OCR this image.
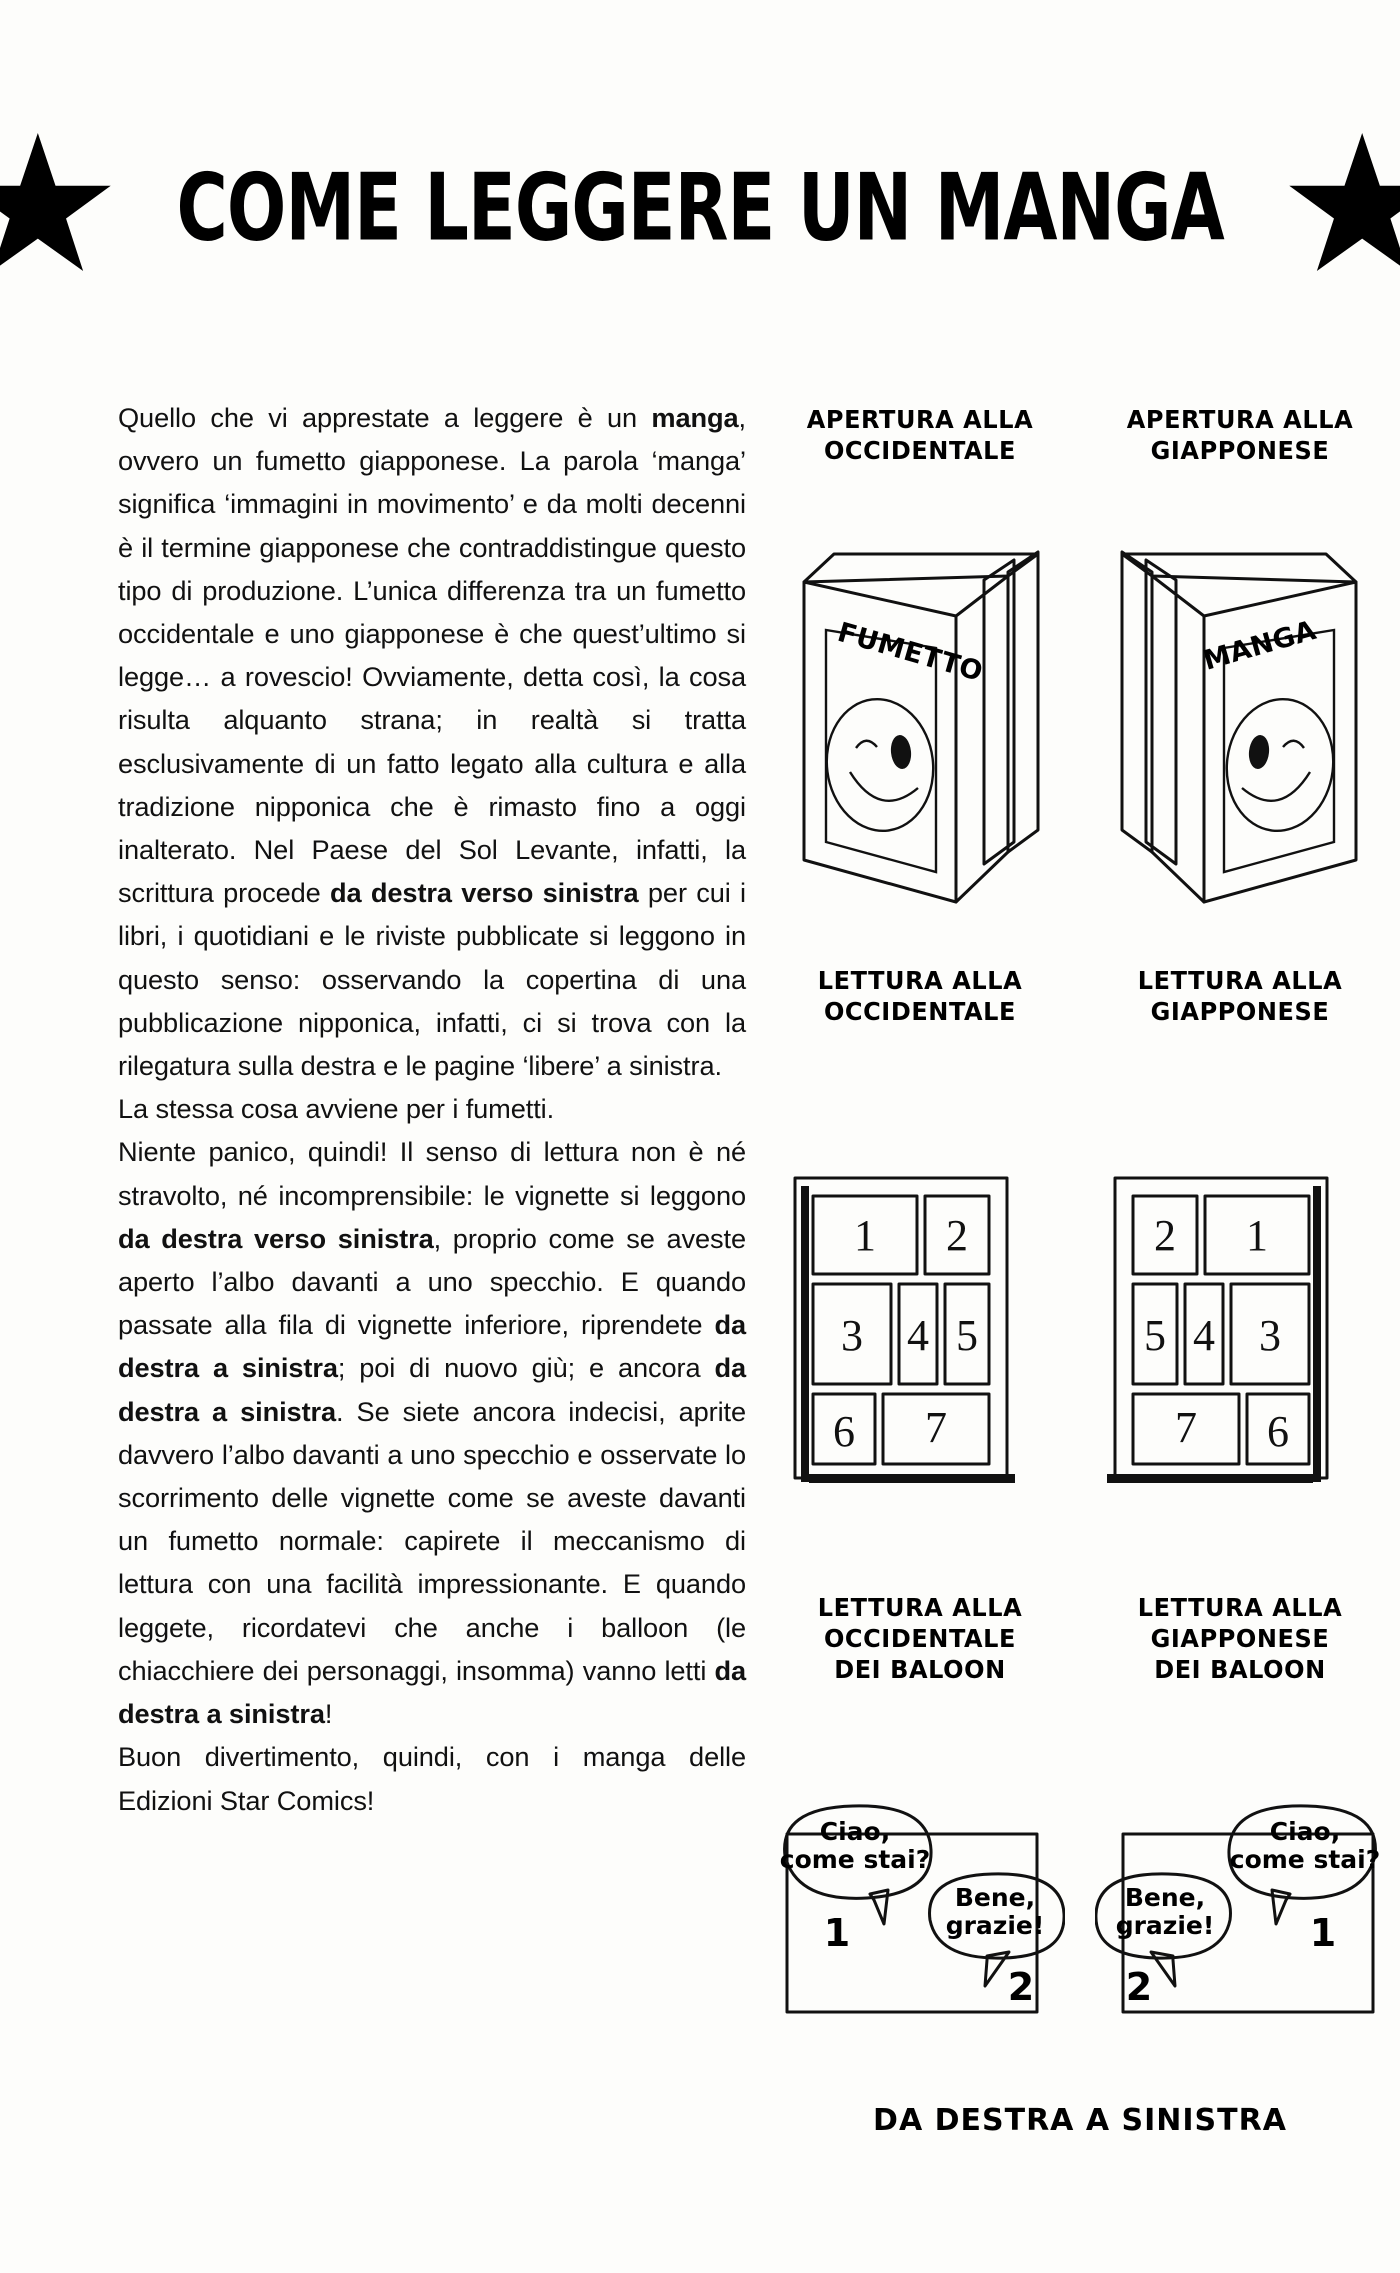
COME LEGGERE UN MANGA

Quello che vi apprestate a leggere è un manga, ovvero un fumetto giapponese. La parola ‘manga’ significa ‘immagini in movimento’ e da molti decenni è il termine giapponese che contraddistingue questo tipo di produzione. L’unica differenza tra un fumetto occidentale e uno giapponese è che quest’ultimo si legge… a rovescio! Ovviamente, detta così, la cosa risulta alquanto strana; in realtà si tratta esclusivamente di un fatto legato alla cultura e alla tradizione nipponica che è rimasto fino a oggi inalterato. Nel Paese del Sol Levante, infatti, la scrittura procede da destra verso sinistra per cui i libri, i quotidiani e le riviste pubblicate si leggono in questo senso: osservando la copertina di una pubblicazione nipponica, infatti, ci si trova con la rilegatura sulla destra e le pagine ‘libere’ a sinistra.

La stessa cosa avviene per i fumetti.

Niente panico, quindi! Il senso di lettura non è né stravolto, né incomprensibile: le vignette si leggono da destra verso sinistra, proprio come se aveste aperto l’albo davanti a uno specchio. E quando passate alla fila di vignette inferiore, riprendete da destra a sinistra; poi di nuovo giù; e ancora da destra a sinistra. Se siete ancora indecisi, aprite davvero l’albo davanti a uno specchio e osservate lo scorrimento delle vignette come se aveste davanti un fumetto normale: capirete il meccanismo di lettura con una facilità impressionante. E quando leggete, ricordatevi che anche i balloon (le chiacchiere dei personaggi, insomma) vanno letti da destra a sinistra!

Buon divertimento, quindi, con i manga delle Edizioni Star Comics!

APERTURA ALLA
OCCIDENTALE
APERTURA ALLA
GIAPPONESE
FUMETTO	MANGA
LETTURA ALLA
OCCIDENTALE
LETTURA ALLA
GIAPPONESE
1 2
3 4 5
6 7
1
2
3
4
5
6
7
LETTURA ALLA
OCCIDENTALE
DEI BALOON
LETTURA ALLA
GIAPPONESE
DEI BALOON
Ciao,
come stai?
1
Bene,
grazie!
2
Ciao,
come stai?
1
Bene,
grazie!
2
DA DESTRA A SINISTRA
